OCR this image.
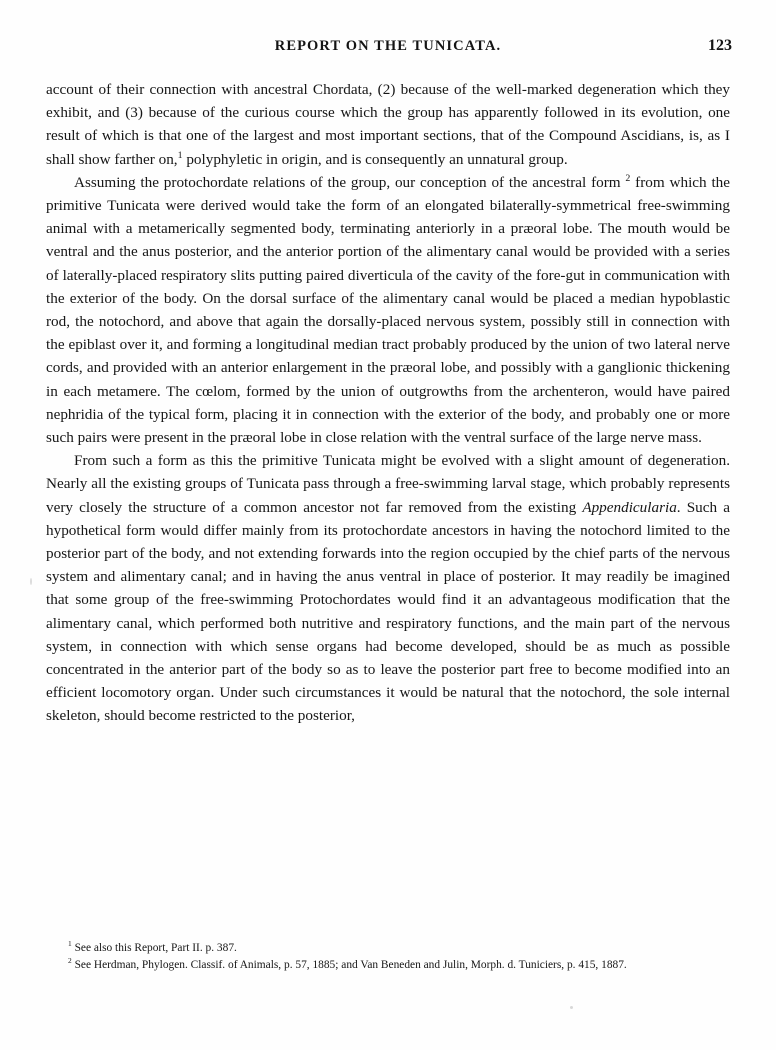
REPORT ON THE TUNICATA.	123

account of their connection with ancestral Chordata, (2) because of the well-marked degeneration which they exhibit, and (3) because of the curious course which the group has apparently followed in its evolution, one result of which is that one of the largest and most important sections, that of the Compound Ascidians, is, as I shall show farther on,$^1$ polyphyletic in origin, and is consequently an unnatural group.

Assuming the protochordate relations of the group, our conception of the ancestral form $^2$ from which the primitive Tunicata were derived would take the form of an elongated bilaterally-symmetrical free-swimming animal with a metamerically segmented body, terminating anteriorly in a præoral lobe. The mouth would be ventral and the anus posterior, and the anterior portion of the alimentary canal would be provided with a series of laterally-placed respiratory slits putting paired diverticula of the cavity of the fore-gut in communication with the exterior of the body. On the dorsal surface of the alimentary canal would be placed a median hypoblastic rod, the notochord, and above that again the dorsally-placed nervous system, possibly still in connection with the epiblast over it, and forming a longitudinal median tract probably produced by the union of two lateral nerve cords, and provided with an anterior enlargement in the præoral lobe, and possibly with a ganglionic thickening in each metamere. The cœlom, formed by the union of outgrowths from the archenteron, would have paired nephridia of the typical form, placing it in connection with the exterior of the body, and probably one or more such pairs were present in the præoral lobe in close relation with the ventral surface of the large nerve mass.

From such a form as this the primitive Tunicata might be evolved with a slight amount of degeneration. Nearly all the existing groups of Tunicata pass through a free-swimming larval stage, which probably represents very closely the structure of a common ancestor not far removed from the existing Appendicularia. Such a hypothetical form would differ mainly from its protochordate ancestors in having the notochord limited to the posterior part of the body, and not extending forwards into the region occupied by the chief parts of the nervous system and alimentary canal; and in having the anus ventral in place of posterior. It may readily be imagined that some group of the free-swimming Protochordates would find it an advantageous modification that the alimentary canal, which performed both nutritive and respiratory functions, and the main part of the nervous system, in connection with which sense organs had become developed, should be as much as possible concentrated in the anterior part of the body so as to leave the posterior part free to become modified into an efficient locomotory organ. Under such circumstances it would be natural that the notochord, the sole internal skeleton, should become restricted to the posterior,

$^1$ See also this Report, Part II. p. 387.

$^2$ See Herdman, Phylogen. Classif. of Animals, p. 57, 1885; and Van Beneden and Julin, Morph. d. Tuniciers, p. 415, 1887.
